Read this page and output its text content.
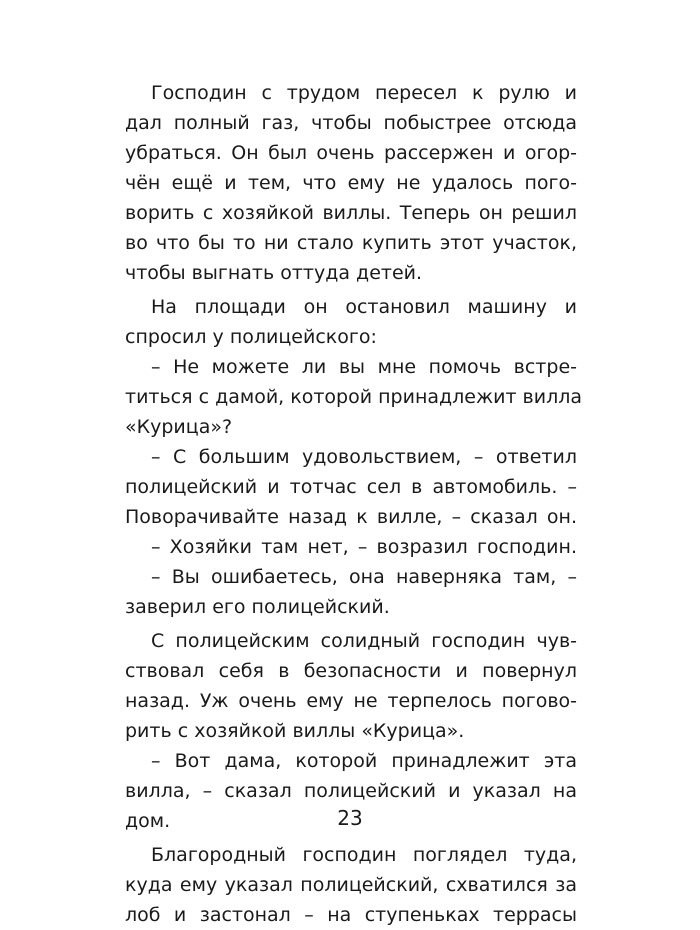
Господин с трудом пересел к рулю и
дал полный газ, чтобы побыстрее отсюда
убраться. Он был очень рассержен и огор-
чён ещё и тем, что ему не удалось пого-
ворить с хозяйкой виллы. Теперь он решил
во что бы то ни стало купить этот участок,
чтобы выгнать оттуда детей.
На площади он остановил машину и
спросил у полицейского:
– Не можете ли вы мне помочь встре-
титься с дамой, которой принадлежит вилла
«Курица»?
– С большим удовольствием, – ответил
полицейский и тотчас сел в автомобиль. –
Поворачивайте назад к вилле, – сказал он.
– Хозяйки там нет, – возразил господин.
– Вы ошибаетесь, она наверняка там, –
заверил его полицейский.
С полицейским солидный господин чув-
ствовал себя в безопасности и повернул
назад. Уж очень ему не терпелось погово-
рить с хозяйкой виллы «Курица».
– Вот дама, которой принадлежит эта
вилла, – сказал полицейский и указал на
дом.
Благородный господин поглядел туда,
куда ему указал полицейский, схватился за
лоб и застонал – на ступеньках террасы
23
